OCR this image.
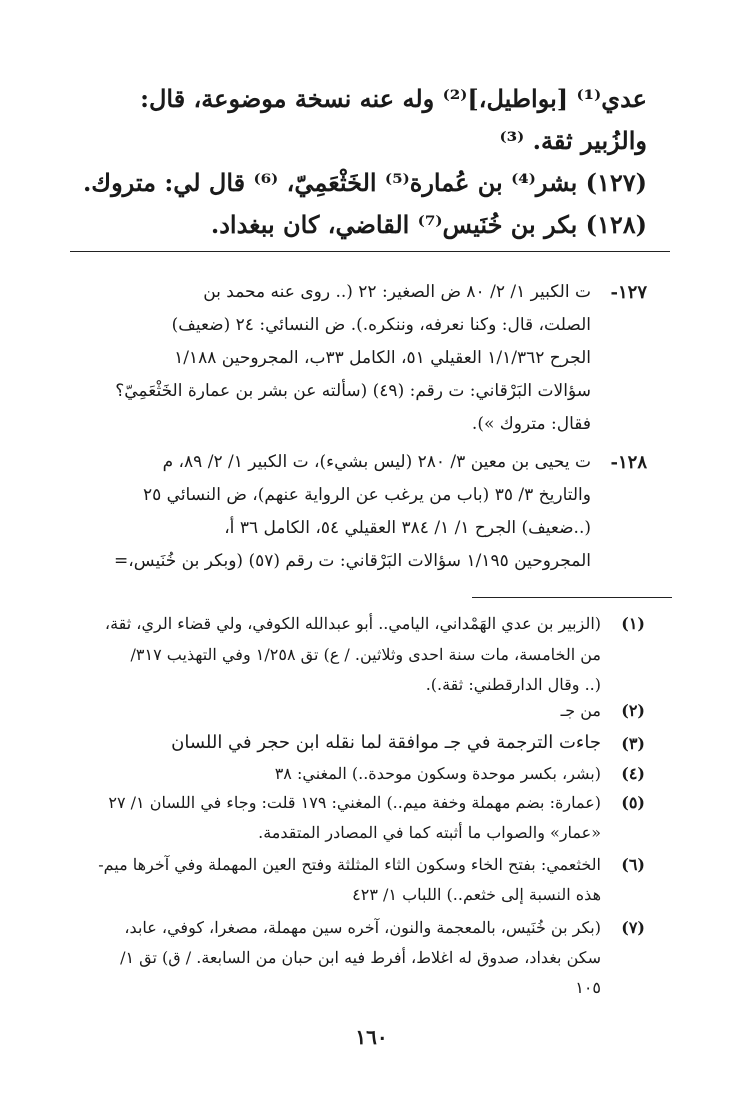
عدي⁽¹⁾ [بواطيل،]⁽²⁾ وله عنه نسخة موضوعة، قال:
والزُبير ثقة. ⁽³⁾
(١٢٧) بشر⁽⁴⁾ بن عُمارة⁽⁵⁾ الخَثْعَمِيّ، ⁽⁶⁾ قال لي: متروك.
(١٢٨) بكر بن خُنَيس⁽⁷⁾ القاضي، كان ببغداد.
١٢٧-
ت الكبير ١/ ٢/ ٨٠ ض الصغير: ٢٢ (.. روى عنه محمد بن
الصلت، قال: وكنا نعرفه، وننكره.). ض النسائي: ٢٤ (ضعيف)
الجرح ١/١/٣٦٢ العقيلي ٥١، الكامل ٣٣ب، المجروحين ١/١٨٨
سؤالات البَرْقاني: ت رقم: (٤٩) (سألته عن بشر بن عمارة الخَثْعَمِيّ؟
فقال: متروك »).
١٢٨-
ت يحيى بن معين ٣/ ٢٨٠ (ليس بشيء)، ت الكبير ١/ ٢/ ٨٩، م
والتاريخ ٣/ ٣٥ (باب من يرغب عن الرواية عنهم)، ض النسائي ٢٥
(..ضعيف) الجرح ١/ ١/ ٣٨٤ العقيلي ٥٤، الكامل ٣٦ أ،
المجروحين ١/١٩٥ سؤالات البَرْقاني: ت رقم (٥٧) (وبكر بن خُنَيس،=
(١)
(الزبير بن عدي الهَمْداني، اليامي.. أبو عبدالله الكوفي، ولي قضاء الري، ثقة،
من الخامسة، مات سنة احدى وثلاثين. / ع) تق ١/٢٥٨ وفي التهذيب ٣١٧/
(.. وقال الدارقطني: ثقة.).
(٢)
من جـ
(٣)
جاءت الترجمة في جـ موافقة لما نقله ابن حجر في اللسان
(٤)
(بشر، بكسر موحدة وسكون موحدة..) المغني: ٣٨
(٥)
(عمارة: بضم مهملة وخفة ميم..) المغني: ١٧٩ قلت: وجاء في اللسان ١/ ٢٧
«عمار» والصواب ما أثبته كما في المصادر المتقدمة.
(٦)
الخثعمي: بفتح الخاء وسكون الثاء المثلثة وفتح العين المهملة وفي آخرها ميم-
هذه النسبة إلى خثعم..) اللباب ١/ ٤٢٣
(٧)
(بكر بن خُنَيس، بالمعجمة والنون، آخره سين مهملة، مصغرا، كوفي، عابد،
سكن بغداد، صدوق له اغلاط، أفرط فيه ابن حبان من السابعة. / ق) تق ١/
١٠٥
١٦٠
